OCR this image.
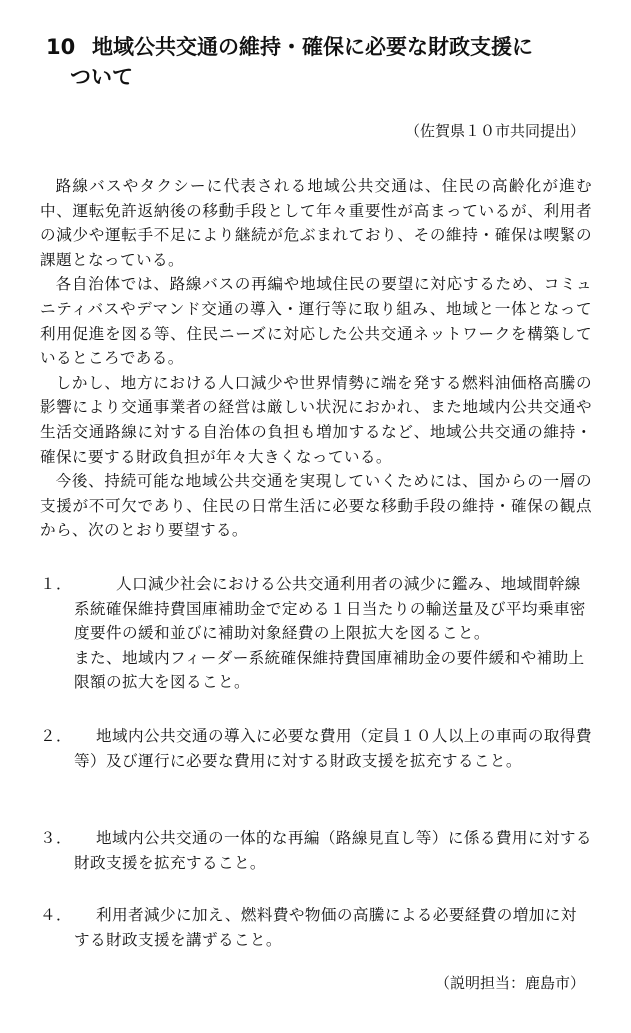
10 地域公共交通の維持・確保に必要な財政支援に
ついて
（佐賀県１０市共同提出）

路線バスやタクシーに代表される地域公共交通は、住民の高齢化が進む中、運転免許返納後の移動手段として年々重要性が高まっているが、利用者の減少や運転手不足により継続が危ぶまれており、その維持・確保は喫緊の課題となっている。

各自治体では、路線バスの再編や地域住民の要望に対応するため、コミュニティバスやデマンド交通の導入・運行等に取り組み、地域と一体となって利用促進を図る等、住民ニーズに対応した公共交通ネットワークを構築しているところである。

しかし、地方における人口減少や世界情勢に端を発する燃料油価格高騰の影響により交通事業者の経営は厳しい状況におかれ、また地域内公共交通や生活交通路線に対する自治体の負担も増加するなど、地域公共交通の維持・確保に要する財政負担が年々大きくなっている。

今後、持続可能な地域公共交通を実現していくためには、国からの一層の支援が不可欠であり、住民の日常生活に必要な移動手段の維持・確保の観点から、次のとおり要望する。

１．	人口減少社会における公共交通利用者の減少に鑑み、地域間幹線系統確保維持費国庫補助金で定める１日当たりの輸送量及び平均乗車密度要件の緩和並びに補助対象経費の上限拡大を図ること。
また、地域内フィーダー系統確保維持費国庫補助金の要件緩和や補助上限額の拡大を図ること。
２．	地域内公共交通の導入に必要な費用（定員１０人以上の車両の取得費等）及び運行に必要な費用に対する財政支援を拡充すること。
３．	地域内公共交通の一体的な再編（路線見直し等）に係る費用に対する財政支援を拡充すること。
４．	利用者減少に加え、燃料費や物価の高騰による必要経費の増加に対する財政支援を講ずること。
（説明担当：鹿島市）
